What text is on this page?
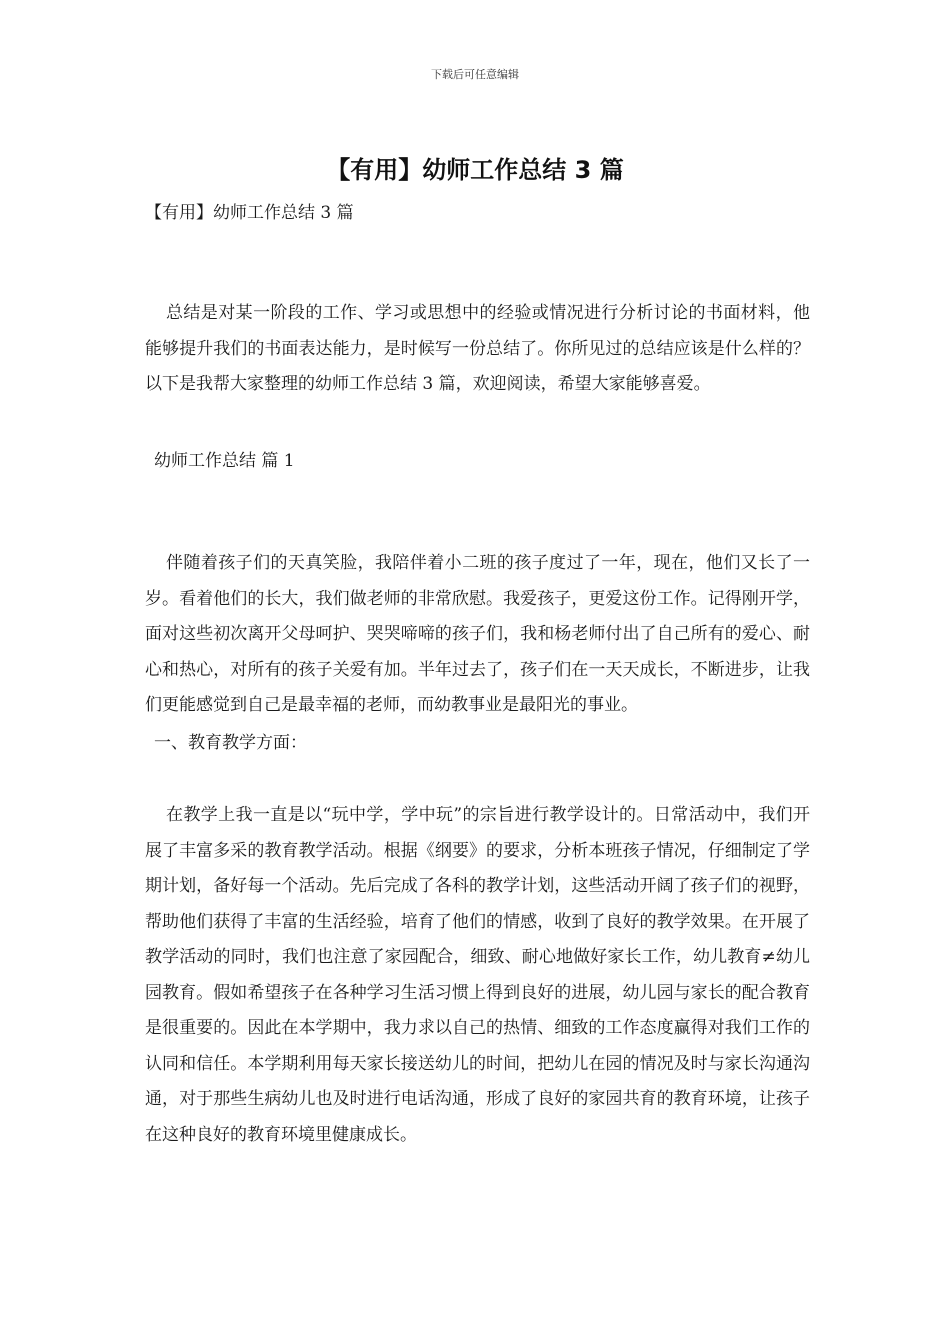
下载后可任意编辑
【有用】幼师工作总结 3 篇

【有用】幼师工作总结 3 篇

总结是对某一阶段的工作、学习或思想中的经验或情况进行分析讨论的书面材料，他能够提升我们的书面表达能力，是时候写一份总结了。你所见过的总结应该是什么样的？以下是我帮大家整理的幼师工作总结 3 篇，欢迎阅读，希望大家能够喜爱。

幼师工作总结 篇 1

伴随着孩子们的天真笑脸，我陪伴着小二班的孩子度过了一年，现在，他们又长了一岁。看着他们的长大，我们做老师的非常欣慰。我爱孩子，更爱这份工作。记得刚开学，面对这些初次离开父母呵护、哭哭啼啼的孩子们，我和杨老师付出了自己所有的爱心、耐心和热心，对所有的孩子关爱有加。半年过去了，孩子们在一天天成长，不断进步，让我们更能感觉到自己是最幸福的老师，而幼教事业是最阳光的事业。

一、教育教学方面：

在教学上我一直是以“玩中学，学中玩”的宗旨进行教学设计的。日常活动中，我们开展了丰富多采的教育教学活动。根据《纲要》的要求，分析本班孩子情况，仔细制定了学期计划，备好每一个活动。先后完成了各科的教学计划，这些活动开阔了孩子们的视野，帮助他们获得了丰富的生活经验，培育了他们的情感，收到了良好的教学效果。在开展了教学活动的同时，我们也注意了家园配合，细致、耐心地做好家长工作，幼儿教育≠幼儿园教育。假如希望孩子在各种学习生活习惯上得到良好的进展，幼儿园与家长的配合教育是很重要的。因此在本学期中，我力求以自己的热情、细致的工作态度赢得对我们工作的认同和信任。本学期利用每天家长接送幼儿的时间，把幼儿在园的情况及时与家长沟通沟通，对于那些生病幼儿也及时进行电话沟通，形成了良好的家园共育的教育环境，让孩子在这种良好的教育环境里健康成长。
